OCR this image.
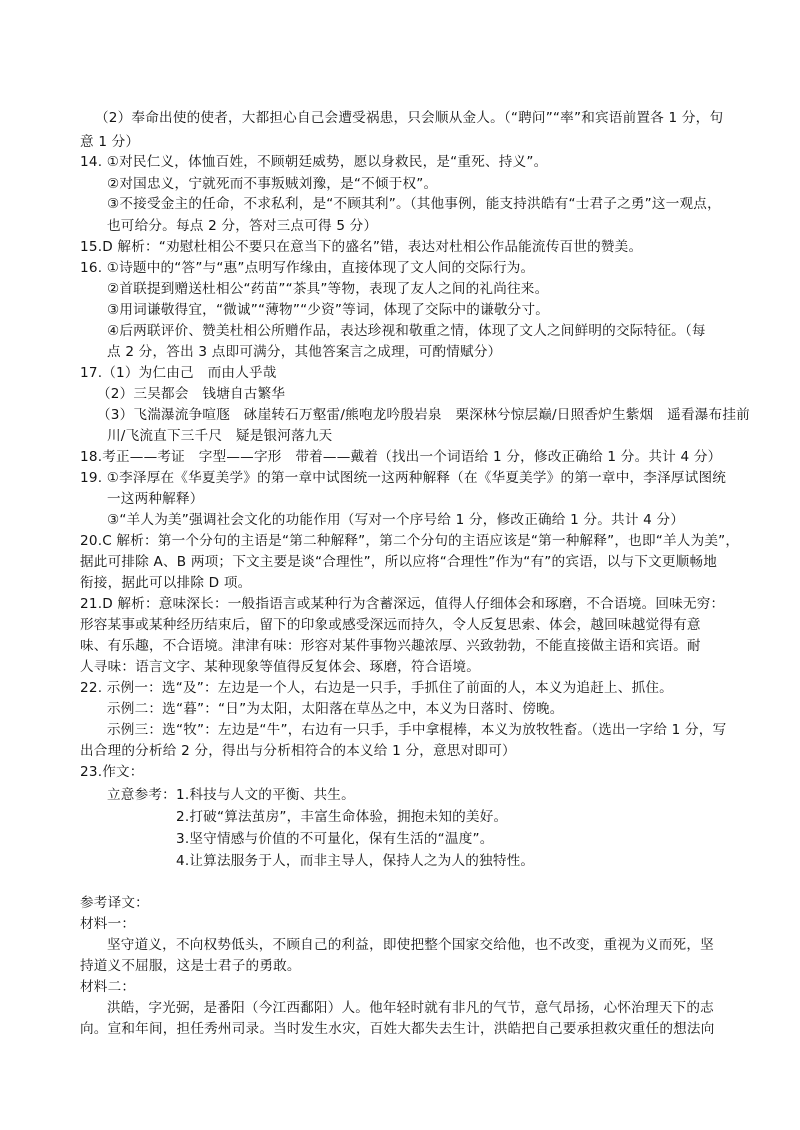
（2）奉命出使的使者，大都担心自己会遭受祸患，只会顺从金人。（“聘问”“率”和宾语前置各 1 分，句
意 1 分）
14. ①对民仁义，体恤百姓，不顾朝廷威势，愿以身救民，是“重死、持义”。
②对国忠义，宁就死而不事叛贼刘豫，是“不倾于权”。
③不接受金主的任命，不求私利，是“不顾其利”。（其他事例，能支持洪皓有“士君子之勇”这一观点，
也可给分。每点 2 分，答对三点可得 5 分）
15.D 解析：“劝慰杜相公不要只在意当下的盛名”错，表达对杜相公作品能流传百世的赞美。
16. ①诗题中的“答”与“惠”点明写作缘由，直接体现了文人间的交际行为。
②首联提到赠送杜相公“药苗”“茶具”等物，表现了友人之间的礼尚往来。
③用词谦敬得宜，“微诚”“薄物”“少资”等词，体现了交际中的谦敬分寸。
④后两联评价、赞美杜相公所赠作品，表达珍视和敬重之情，体现了文人之间鲜明的交际特征。（每
点 2 分，答出 3 点即可满分，其他答案言之成理，可酌情赋分）
17.（1）为仁由己　而由人乎哉
（2）三吴都会　钱塘自古繁华
（3）飞湍瀑流争喧豗　砯崖转石万壑雷/熊咆龙吟殷岩泉　栗深林兮惊层巅/日照香炉生紫烟　遥看瀑布挂前
川/飞流直下三千尺　疑是银河落九天
18.考正——考证　字型——字形　带着——戴着（找出一个词语给 1 分，修改正确给 1 分。共计 4 分）
19. ①李泽厚在《华夏美学》的第一章中试图统一这两种解释（在《华夏美学》的第一章中，李泽厚试图统
一这两种解释）
③“羊人为美”强调社会文化的功能作用（写对一个序号给 1 分，修改正确给 1 分。共计 4 分）
20.C 解析：第一个分句的主语是“第二种解释”，第二个分句的主语应该是“第一种解释”，也即“羊人为美”，
据此可排除 A、B 两项；下文主要是谈“合理性”，所以应将“合理性”作为“有”的宾语，以与下文更顺畅地
衔接，据此可以排除 D 项。
21.D 解析：意味深长：一般指语言或某种行为含蓄深远，值得人仔细体会和琢磨，不合语境。回味无穷：
形容某事或某种经历结束后，留下的印象或感受深远而持久，令人反复思索、体会，越回味越觉得有意
味、有乐趣，不合语境。津津有味：形容对某件事物兴趣浓厚、兴致勃勃，不能直接做主语和宾语。耐
人寻味：语言文字、某种现象等值得反复体会、琢磨，符合语境。
22. 示例一：选“及”：左边是一个人，右边是一只手，手抓住了前面的人，本义为追赶上、抓住。
示例二：选“暮”：“日”为太阳，太阳落在草丛之中，本义为日落时、傍晚。
示例三：选“牧”：左边是“牛”，右边有一只手，手中拿棍棒，本义为放牧牲畜。（选出一字给 1 分，写
出合理的分析给 2 分，得出与分析相符合的本义给 1 分，意思对即可）
23.作文：
立意参考：1.科技与人文的平衡、共生。
2.打破“算法茧房”，丰富生命体验，拥抱未知的美好。
3.坚守情感与价值的不可量化，保有生活的“温度”。
4.让算法服务于人，而非主导人，保持人之为人的独特性。
参考译文：
材料一：
坚守道义，不向权势低头，不顾自己的利益，即使把整个国家交给他，也不改变，重视为义而死，坚
持道义不屈服，这是士君子的勇敢。
材料二：
洪皓，字光弼，是番阳（今江西鄱阳）人。他年轻时就有非凡的气节，意气昂扬，心怀治理天下的志
向。宣和年间，担任秀州司录。当时发生水灾，百姓大都失去生计，洪皓把自己要承担救灾重任的想法向
